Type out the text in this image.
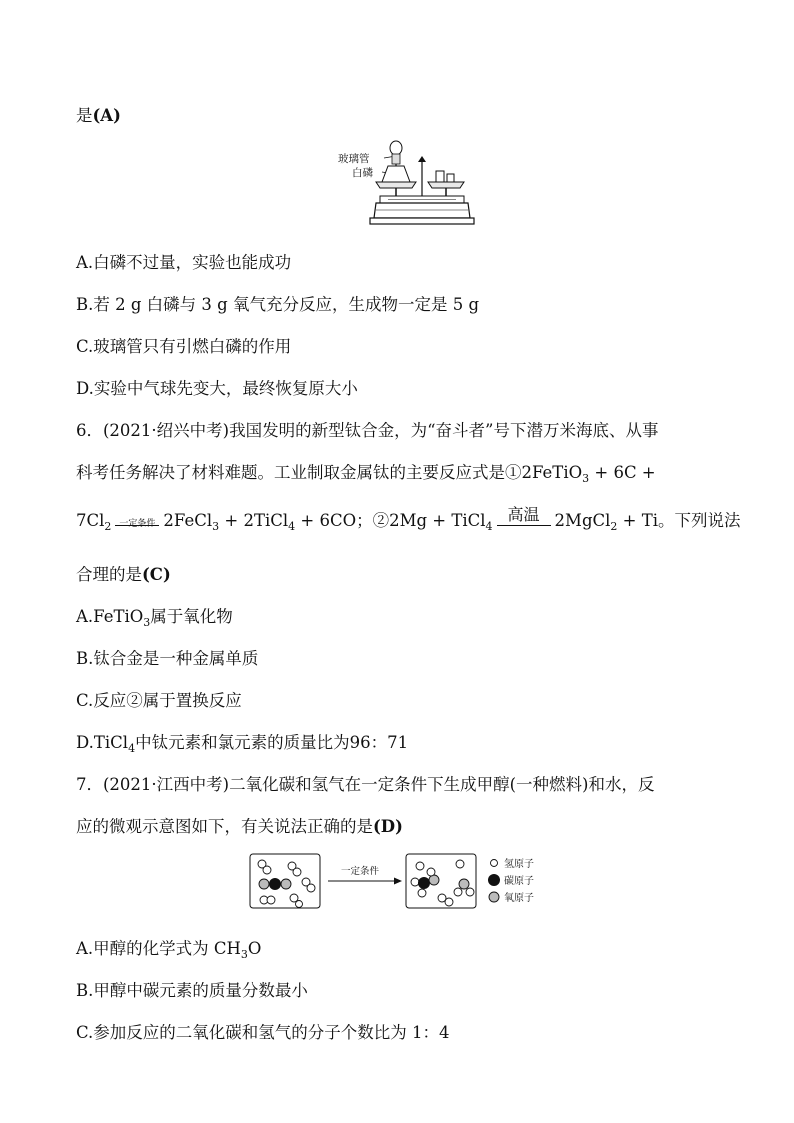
是(A)
玻璃管
白磷
A.白磷不过量，实验也能成功
B.若 2 g 白磷与 3 g 氧气充分反应，生成物一定是 5 g
C.玻璃管只有引燃白磷的作用
D.实验中气球先变大，最终恢复原大小
6．(2021·绍兴中考)我国发明的新型钛合金，为“奋斗者”号下潜万米海底、从事
科考任务解决了材料难题。工业制取金属钛的主要反应式是①2FeTiO$_3$ + 6C +
$7Cl_2$ 一定条件 2FeCl$_3$ + 2TiCl$_4$ + 6CO；②2Mg + TiCl$_4$
高温 2MgCl$_2$ + Ti。下列说法
合理的是(C)
A.FeTiO$_3$属于氧化物
B.钛合金是一种金属单质
C.反应②属于置换反应
D.TiCl$_4$中钛元素和氯元素的质量比为96：71
7．(2021·江西中考)二氧化碳和氢气在一定条件下生成甲醇(一种燃料)和水，反
应的微观示意图如下，有关说法正确的是(D)
一定条件
氢原子
碳原子
氧原子
A.甲醇的化学式为 $CH_3O$
B.甲醇中碳元素的质量分数最小
C.参加反应的二氧化碳和氢气的分子个数比为 1：4
